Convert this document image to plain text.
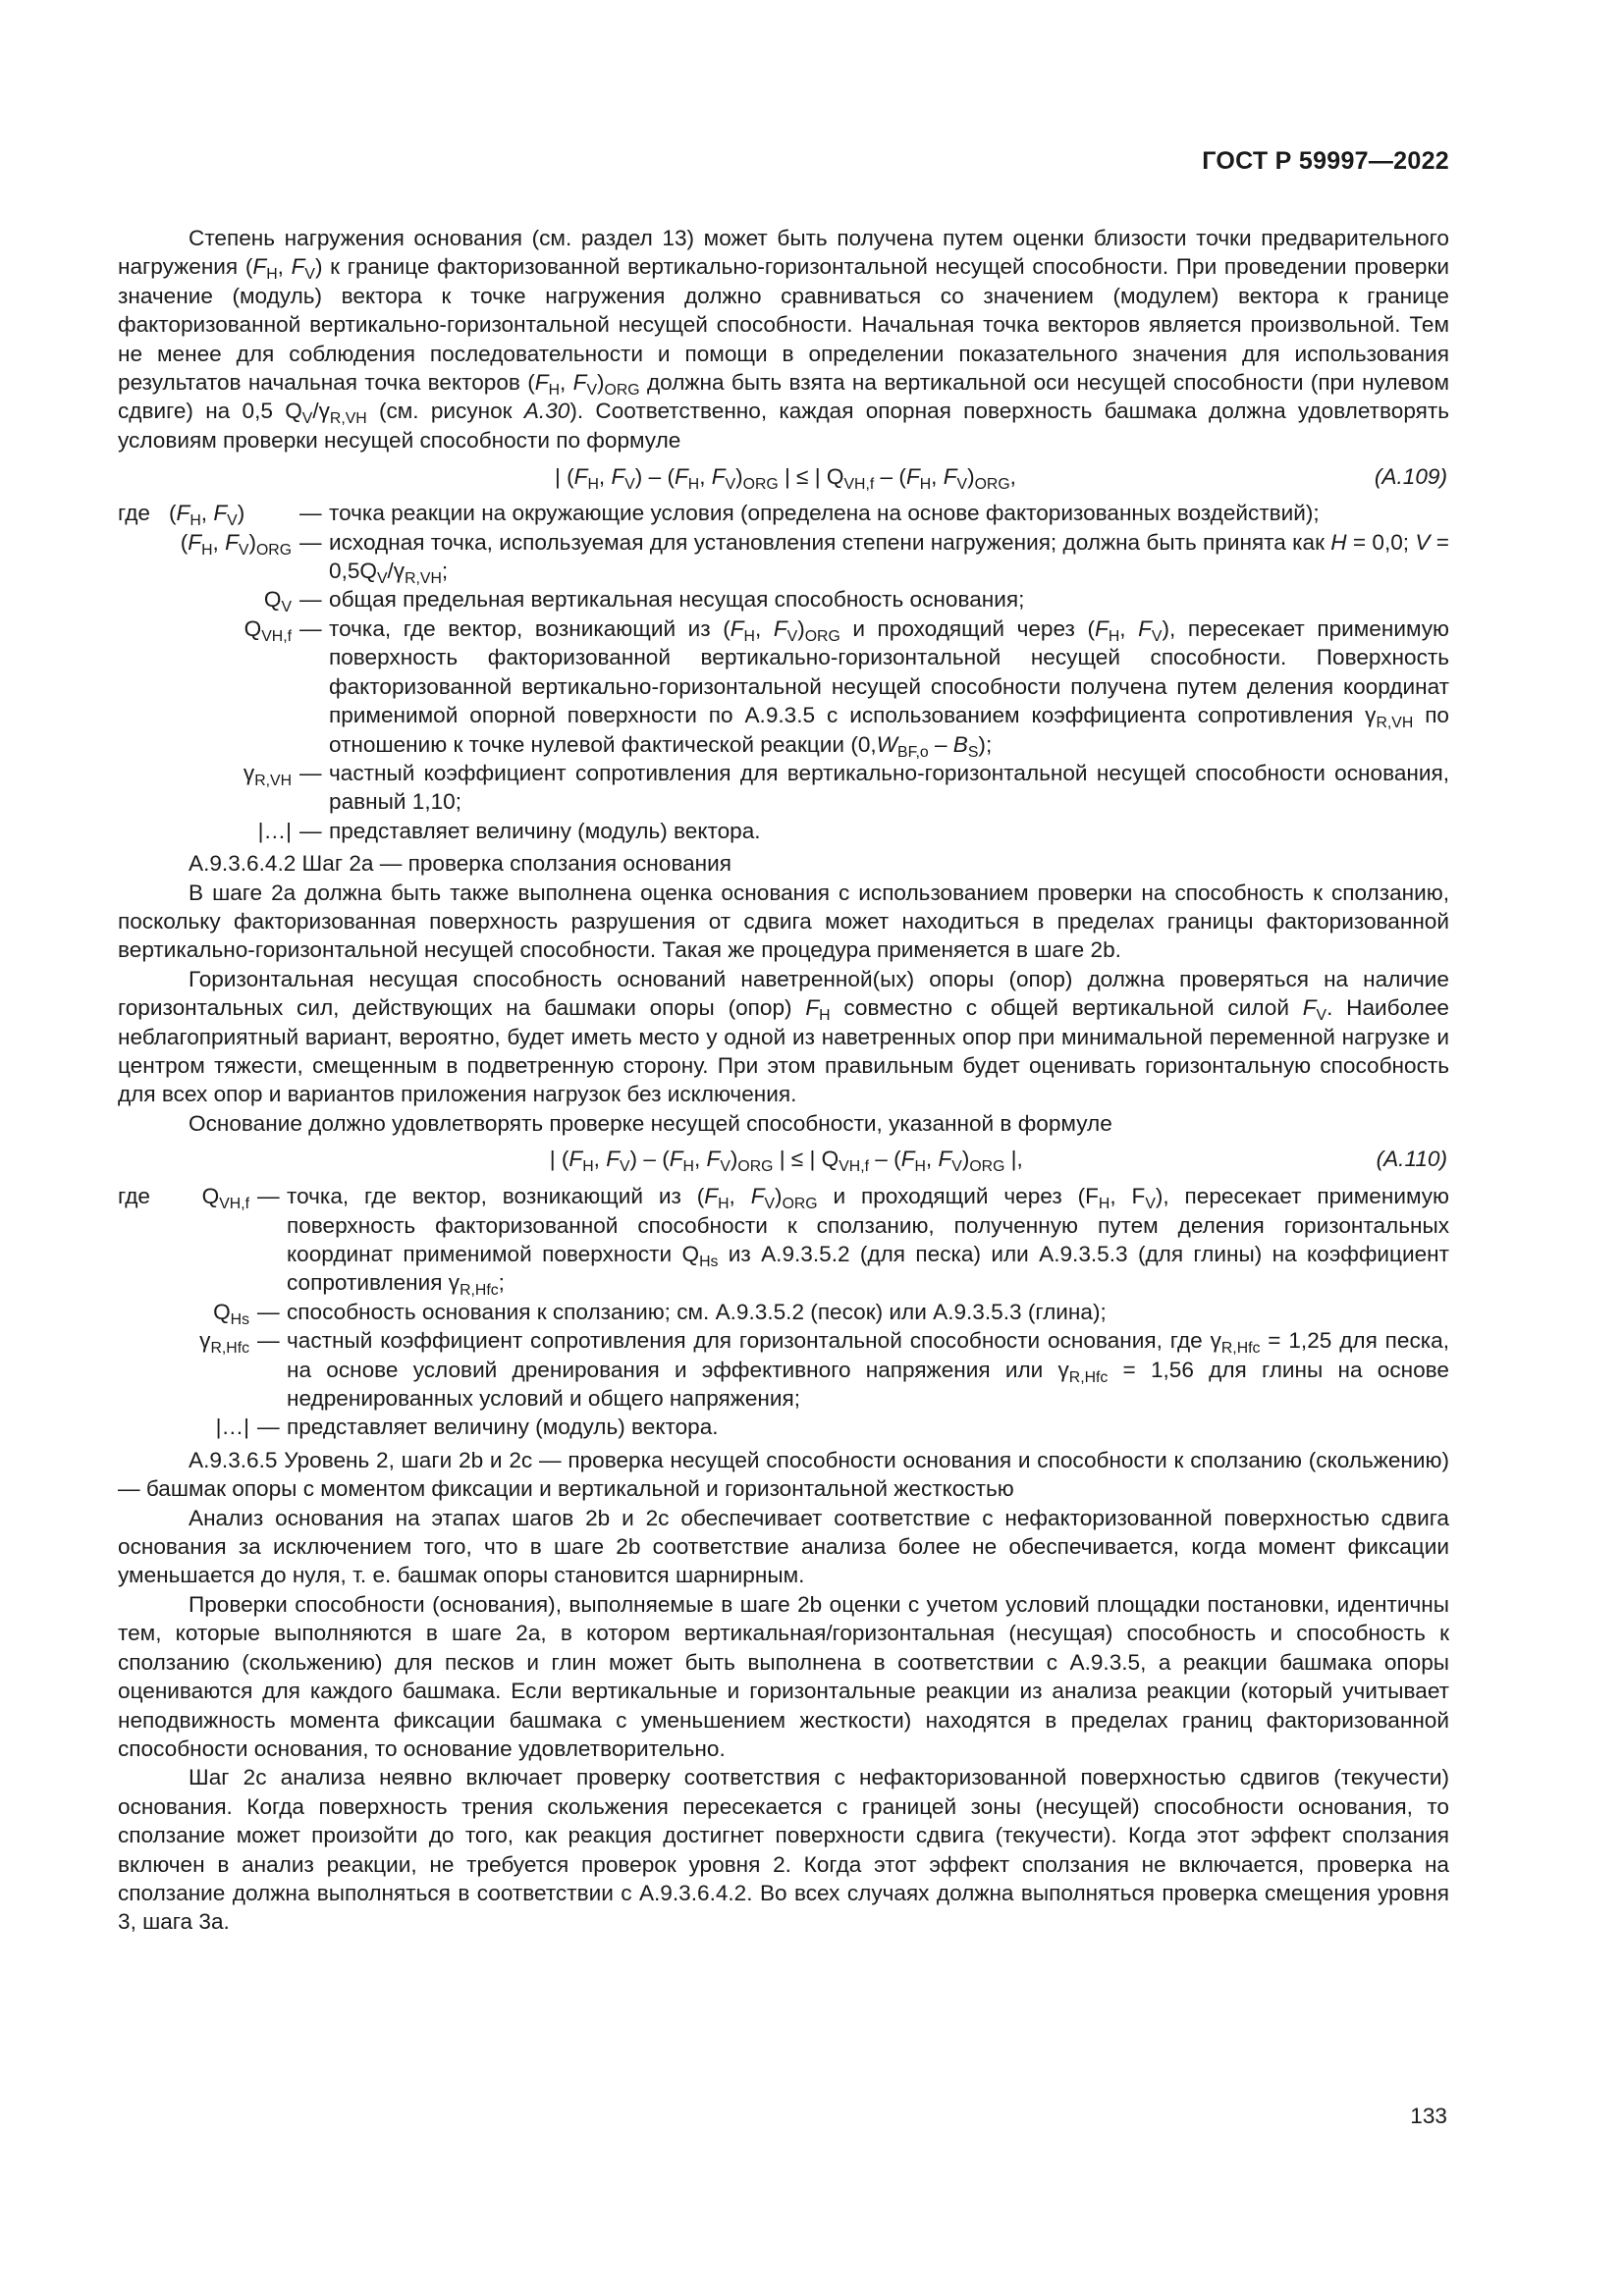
ГОСТ Р 59997—2022

Степень нагружения основания (см. раздел 13) может быть получена путем оценки близости точки предварительного нагружения ($F_H$, $F_V$) к границе факторизованной вертикально-горизонтальной несущей способности. При проведении проверки значение (модуль) вектора к точке нагружения должно сравниваться со значением (модулем) вектора к границе факторизованной вертикально-горизонтальной несущей способности. Начальная точка векторов является произвольной. Тем не менее для соблюдения последовательности и помощи в определении показательного значения для использования результатов начальная точка векторов ($F_H$, $F_V)_{ORG}$ должна быть взята на вертикальной оси несущей способности (при нулевом сдвиге) на 0,5 $Q_V/\gamma_{R,VH}$ (см. рисунок A.30). Соответственно, каждая опорная поверхность башмака должна удовлетворять условиям проверки несущей способности по формуле

| ($F_H$, $F_V) - (F_H$, $F_V)_{ORG}$ | ≤ | $Q_{VH,f} - (F_H$, $F_V)_{ORG}$,	(A.109)
где ($F_H$, $F_V$)	— точка реакции на окружающие условия (определена на основе факторизованных воздействий);
($F_H$, $F_V)_{ORG}$ — исходная точка, используемая для установления степени нагружения; должна быть принята как H = 0,0; $V = 0,5Q_V/\gamma_{R,VH}$;
$Q_V$ — общая предельная вертикальная несущая способность основания;
$Q_{VH,f}$ — точка, где вектор, возникающий из ($F_H$, $F_V)_{ORG}$ и проходящий через ($F_H$, $F_V$), пересекает применимую поверхность факторизованной вертикально-горизонтальной несущей способности. Поверхность факторизованной вертикально-горизонтальной несущей способности получена путем деления координат применимой опорной поверхности по A.9.3.5 с использованием коэффициента сопротивления $\gamma_{R,VH}$ по отношению к точке нулевой фактической реакции $(0,W_{BF,o} - B_S)$;
$\gamma_{R,VH}$ — частный коэффициент сопротивления для вертикально-горизонтальной несущей способности основания, равный 1,10;
|…| — представляет величину (модуль) вектора.

A.9.3.6.4.2 Шаг 2a — проверка сползания основания

В шаге 2a должна быть также выполнена оценка основания с использованием проверки на способность к сползанию, поскольку факторизованная поверхность разрушения от сдвига может находиться в пределах границы факторизованной вертикально-горизонтальной несущей способности. Такая же процедура применяется в шаге 2b.

Горизонтальная несущая способность оснований наветренной(ых) опоры (опор) должна проверяться на наличие горизонтальных сил, действующих на башмаки опоры (опор) $F_H$ совместно с общей вертикальной силой $F_V$. Наиболее неблагоприятный вариант, вероятно, будет иметь место у одной из наветренных опор при минимальной переменной нагрузке и центром тяжести, смещенным в подветренную сторону. При этом правильным будет оценивать горизонтальную способность для всех опор и вариантов приложения нагрузок без исключения.

Основание должно удовлетворять проверке несущей способности, указанной в формуле

| ($F_H$, $F_V) - (F_H$, $F_V)_{ORG}$ | ≤ | $Q_{VH,f} - (F_H$, $F_V)_{ORG}$ |,	(A.110)
где	$Q_{VH,f}$ — точка, где вектор, возникающий из ($F_H$, $F_V)_{ORG}$ и проходящий через ($F_H$, $F_V$), пересекает применимую поверхность факторизованной способности к сползанию, полученную путем деления горизонтальных координат применимой поверхности $Q_{Hs}$ из A.9.3.5.2 (для песка) или A.9.3.5.3 (для глины) на коэффициент сопротивления $\gamma_{R,Hfc}$;
$Q_{Hs}$ — способность основания к сползанию; см. A.9.3.5.2 (песок) или A.9.3.5.3 (глина);
$\gamma_{R,Hfc}$ — частный коэффициент сопротивления для горизонтальной способности основания, где $\gamma_{R,Hfc} = 1,25$ для песка, на основе условий дренирования и эффективного напряжения или $\gamma_{R,Hfc} = 1,56$ для глины на основе недренированных условий и общего напряжения;
|…| — представляет величину (модуль) вектора.

A.9.3.6.5 Уровень 2, шаги 2b и 2c — проверка несущей способности основания и способности к сползанию (скольжению) — башмак опоры с моментом фиксации и вертикальной и горизонтальной жесткостью

Анализ основания на этапах шагов 2b и 2c обеспечивает соответствие с нефакторизованной поверхностью сдвига основания за исключением того, что в шаге 2b соответствие анализа более не обеспечивается, когда момент фиксации уменьшается до нуля, т. е. башмак опоры становится шарнирным.

Проверки способности (основания), выполняемые в шаге 2b оценки с учетом условий площадки постановки, идентичны тем, которые выполняются в шаге 2a, в котором вертикальная/горизонтальная (несущая) способность и способность к сползанию (скольжению) для песков и глин может быть выполнена в соответствии с A.9.3.5, а реакции башмака опоры оцениваются для каждого башмака. Если вертикальные и горизонтальные реакции из анализа реакции (который учитывает неподвижность момента фиксации башмака с уменьшением жесткости) находятся в пределах границ факторизованной способности основания, то основание удовлетворительно.

Шаг 2c анализа неявно включает проверку соответствия с нефакторизованной поверхностью сдвигов (текучести) основания. Когда поверхность трения скольжения пересекается с границей зоны (несущей) способности основания, то сползание может произойти до того, как реакция достигнет поверхности сдвига (текучести). Когда этот эффект сползания включен в анализ реакции, не требуется проверок уровня 2. Когда этот эффект сползания не включается, проверка на сползание должна выполняться в соответствии с A.9.3.6.4.2. Во всех случаях должна выполняться проверка смещения уровня 3, шага 3a.

133
